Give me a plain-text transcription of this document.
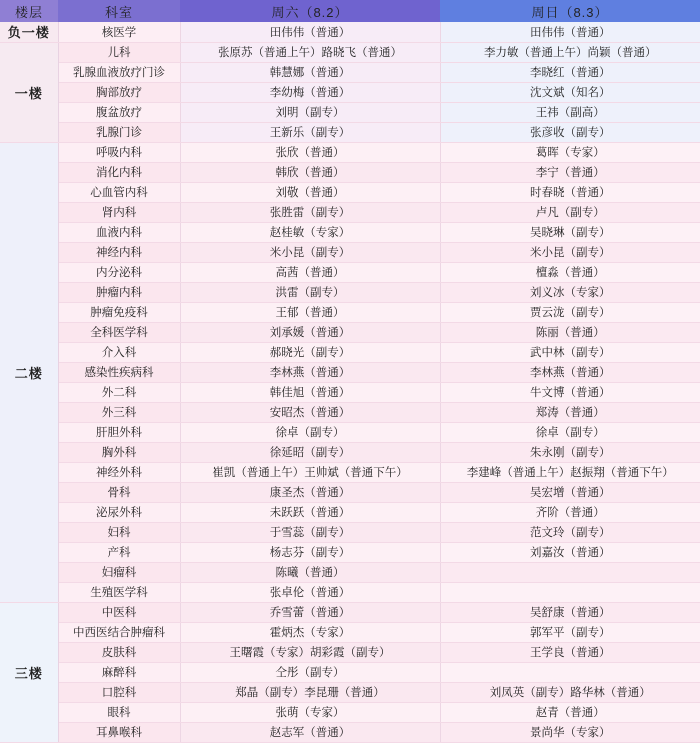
楼层	科室	周六（8.2）	周日（8.3）
负一楼	核医学	田伟伟（普通）	田伟伟（普通）
一楼	儿科	张原苏（普通上午）路晓飞（普通）	李力敏（普通上午）尚颖（普通）
	乳腺血液放疗门诊	韩慧娜（普通）	李晓红（普通）
	胸部放疗	李幼梅（普通）	沈文斌（知名）
	腹盆放疗	刘明（副专）	王祎（副高）
	乳腺门诊	王新乐（副专）	张彦收（副专）
二楼	呼吸内科	张欣（普通）	葛晖（专家）
	消化内科	韩欣（普通）	李宁（普通）
	心血管内科	刘敬（普通）	时春晓（普通）
	肾内科	张胜雷（副专）	卢凡（副专）
	血液内科	赵桂敏（专家）	吴晓琳（副专）
	神经内科	米小昆（副专）	米小昆（副专）
	内分泌科	高茜（普通）	檀淼（普通）
	肿瘤内科	洪雷（副专）	刘义冰（专家）
	肿瘤免疫科	王郁（普通）	贾云泷（副专）
	全科医学科	刘承媛（普通）	陈丽（普通）
	介入科	郝晓光（副专）	武中林（副专）
	感染性疾病科	李林燕（普通）	李林燕（普通）
	外二科	韩佳旭（普通）	牛文博（普通）
	外三科	安昭杰（普通）	郑涛（普通）
	肝胆外科	徐卓（副专）	徐卓（副专）
	胸外科	徐延昭（副专）	朱永刚（副专）
	神经外科	崔凯（普通上午）王帅斌（普通下午）	李建峰（普通上午）赵振翔（普通下午）
	骨科	康圣杰（普通）	吴宏增（普通）
	泌尿外科	未跃跃（普通）	齐阶（普通）
	妇科	于雪蕊（副专）	范文玲（副专）
	产科	杨志芬（副专）	刘嘉汝（普通）
	妇瘤科	陈曦（普通）	
	生殖医学科	张卓伦（普通）	
三楼	中医科	乔雪蕾（普通）	吴舒康（普通）
	中西医结合肿瘤科	霍炳杰（专家）	郭军平（副专）
	皮肤科	王曙霞（专家）胡彩霞（副专）	王学良（普通）
	麻醉科	仝彤（副专）	
	口腔科	郑晶（副专）李昆珊（普通）	刘凤英（副专）路华林（普通）
	眼科	张萌（专家）	赵青（普通）
	耳鼻喉科	赵志军（普通）	景尚华（专家）
